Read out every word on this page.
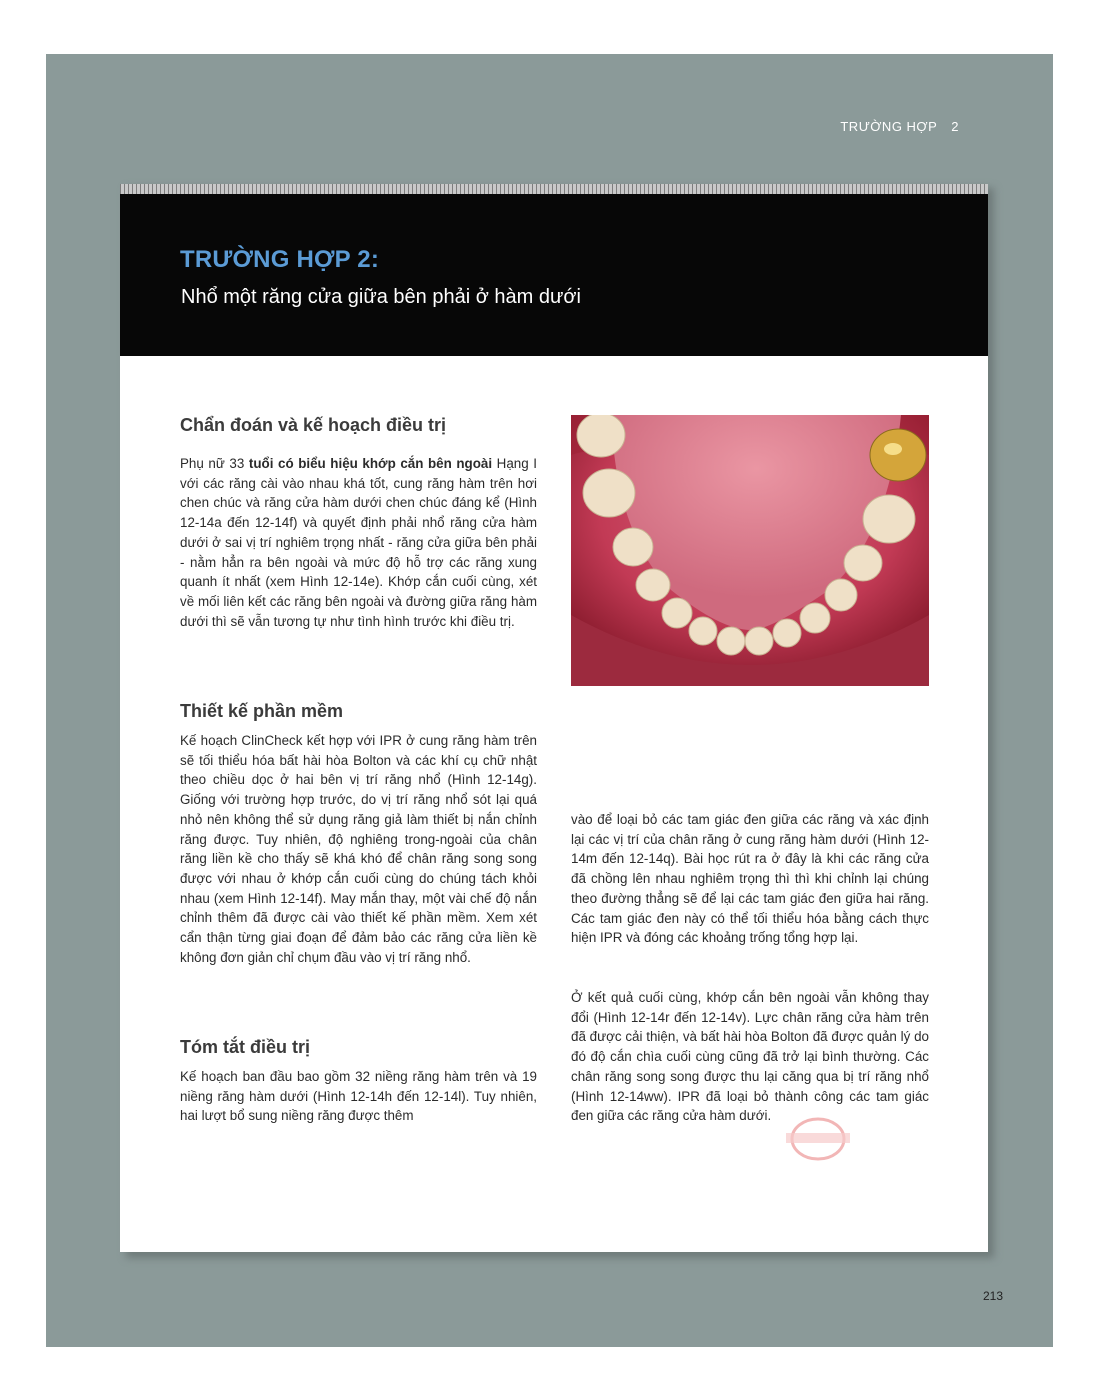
TRƯỜNG HỢP 2
TRƯỜNG HỢP 2:
Nhổ một răng cửa giữa bên phải ở hàm dưới
Chẩn đoán và kế hoạch điều trị

Phụ nữ 33 tuổi có biểu hiệu khớp cắn bên ngoài Hạng I với các răng cài vào nhau khá tốt, cung răng hàm trên hơi chen chúc và răng cửa hàm dưới chen chúc đáng kể (Hình 12-14a đến 12-14f) và quyết định phải nhổ răng cửa hàm dưới ở sai vị trí nghiêm trọng nhất - răng cửa giữa bên phải - nằm hẳn ra bên ngoài và mức độ hỗ trợ các răng xung quanh ít nhất (xem Hình 12-14e). Khớp cắn cuối cùng, xét về mối liên kết các răng bên ngoài và đường giữa răng hàm dưới thì sẽ vẫn tương tự như tình hình trước khi điều trị.

Thiết kế phần mềm

Kế hoạch ClinCheck kết hợp với IPR ở cung răng hàm trên sẽ tối thiểu hóa bất hài hòa Bolton và các khí cụ chữ nhật theo chiều dọc ở hai bên vị trí răng nhổ (Hình 12-14g). Giống với trường hợp trước, do vị trí răng nhổ sót lại quá nhỏ nên không thể sử dụng răng giả làm thiết bị nắn chỉnh răng được. Tuy nhiên, độ nghiêng trong-ngoài của chân răng liền kề cho thấy sẽ khá khó để chân răng song song được với nhau ở khớp cắn cuối cùng do chúng tách khỏi nhau (xem Hình 12-14f). May mắn thay, một vài chế độ nắn chỉnh thêm đã được cài vào thiết kế phần mềm. Xem xét cẩn thận từng giai đoạn để đảm bảo các răng cửa liền kề không đơn giản chỉ chụm đầu vào vị trí răng nhổ.

Tóm tắt điều trị

Kế hoạch ban đầu bao gồm 32 niềng răng hàm trên và 19 niềng răng hàm dưới (Hình 12-14h đến 12-14l). Tuy nhiên, hai lượt bổ sung niềng răng được thêm

vào để loại bỏ các tam giác đen giữa các răng và xác định lại các vị trí của chân răng ở cung răng hàm dưới (Hình 12-14m đến 12-14q). Bài học rút ra ở đây là khi các răng cửa đã chồng lên nhau nghiêm trọng thì thì khi chỉnh lại chúng theo đường thẳng sẽ để lại các tam giác đen giữa hai răng. Các tam giác đen này có thể tối thiểu hóa bằng cách thực hiện IPR và đóng các khoảng trống tổng hợp lại.

Ở kết quả cuối cùng, khớp cắn bên ngoài vẫn không thay đổi (Hình 12-14r đến 12-14v). Lực chân răng cửa hàm trên đã được cải thiện, và bất hài hòa Bolton đã được quản lý do đó độ cắn chìa cuối cùng cũng đã trở lại bình thường. Các chân răng song song được thu lại căng qua bị trí răng nhổ (Hình 12-14ww). IPR đã loại bỏ thành công các tam giác đen giữa các răng cửa hàm dưới.

213
